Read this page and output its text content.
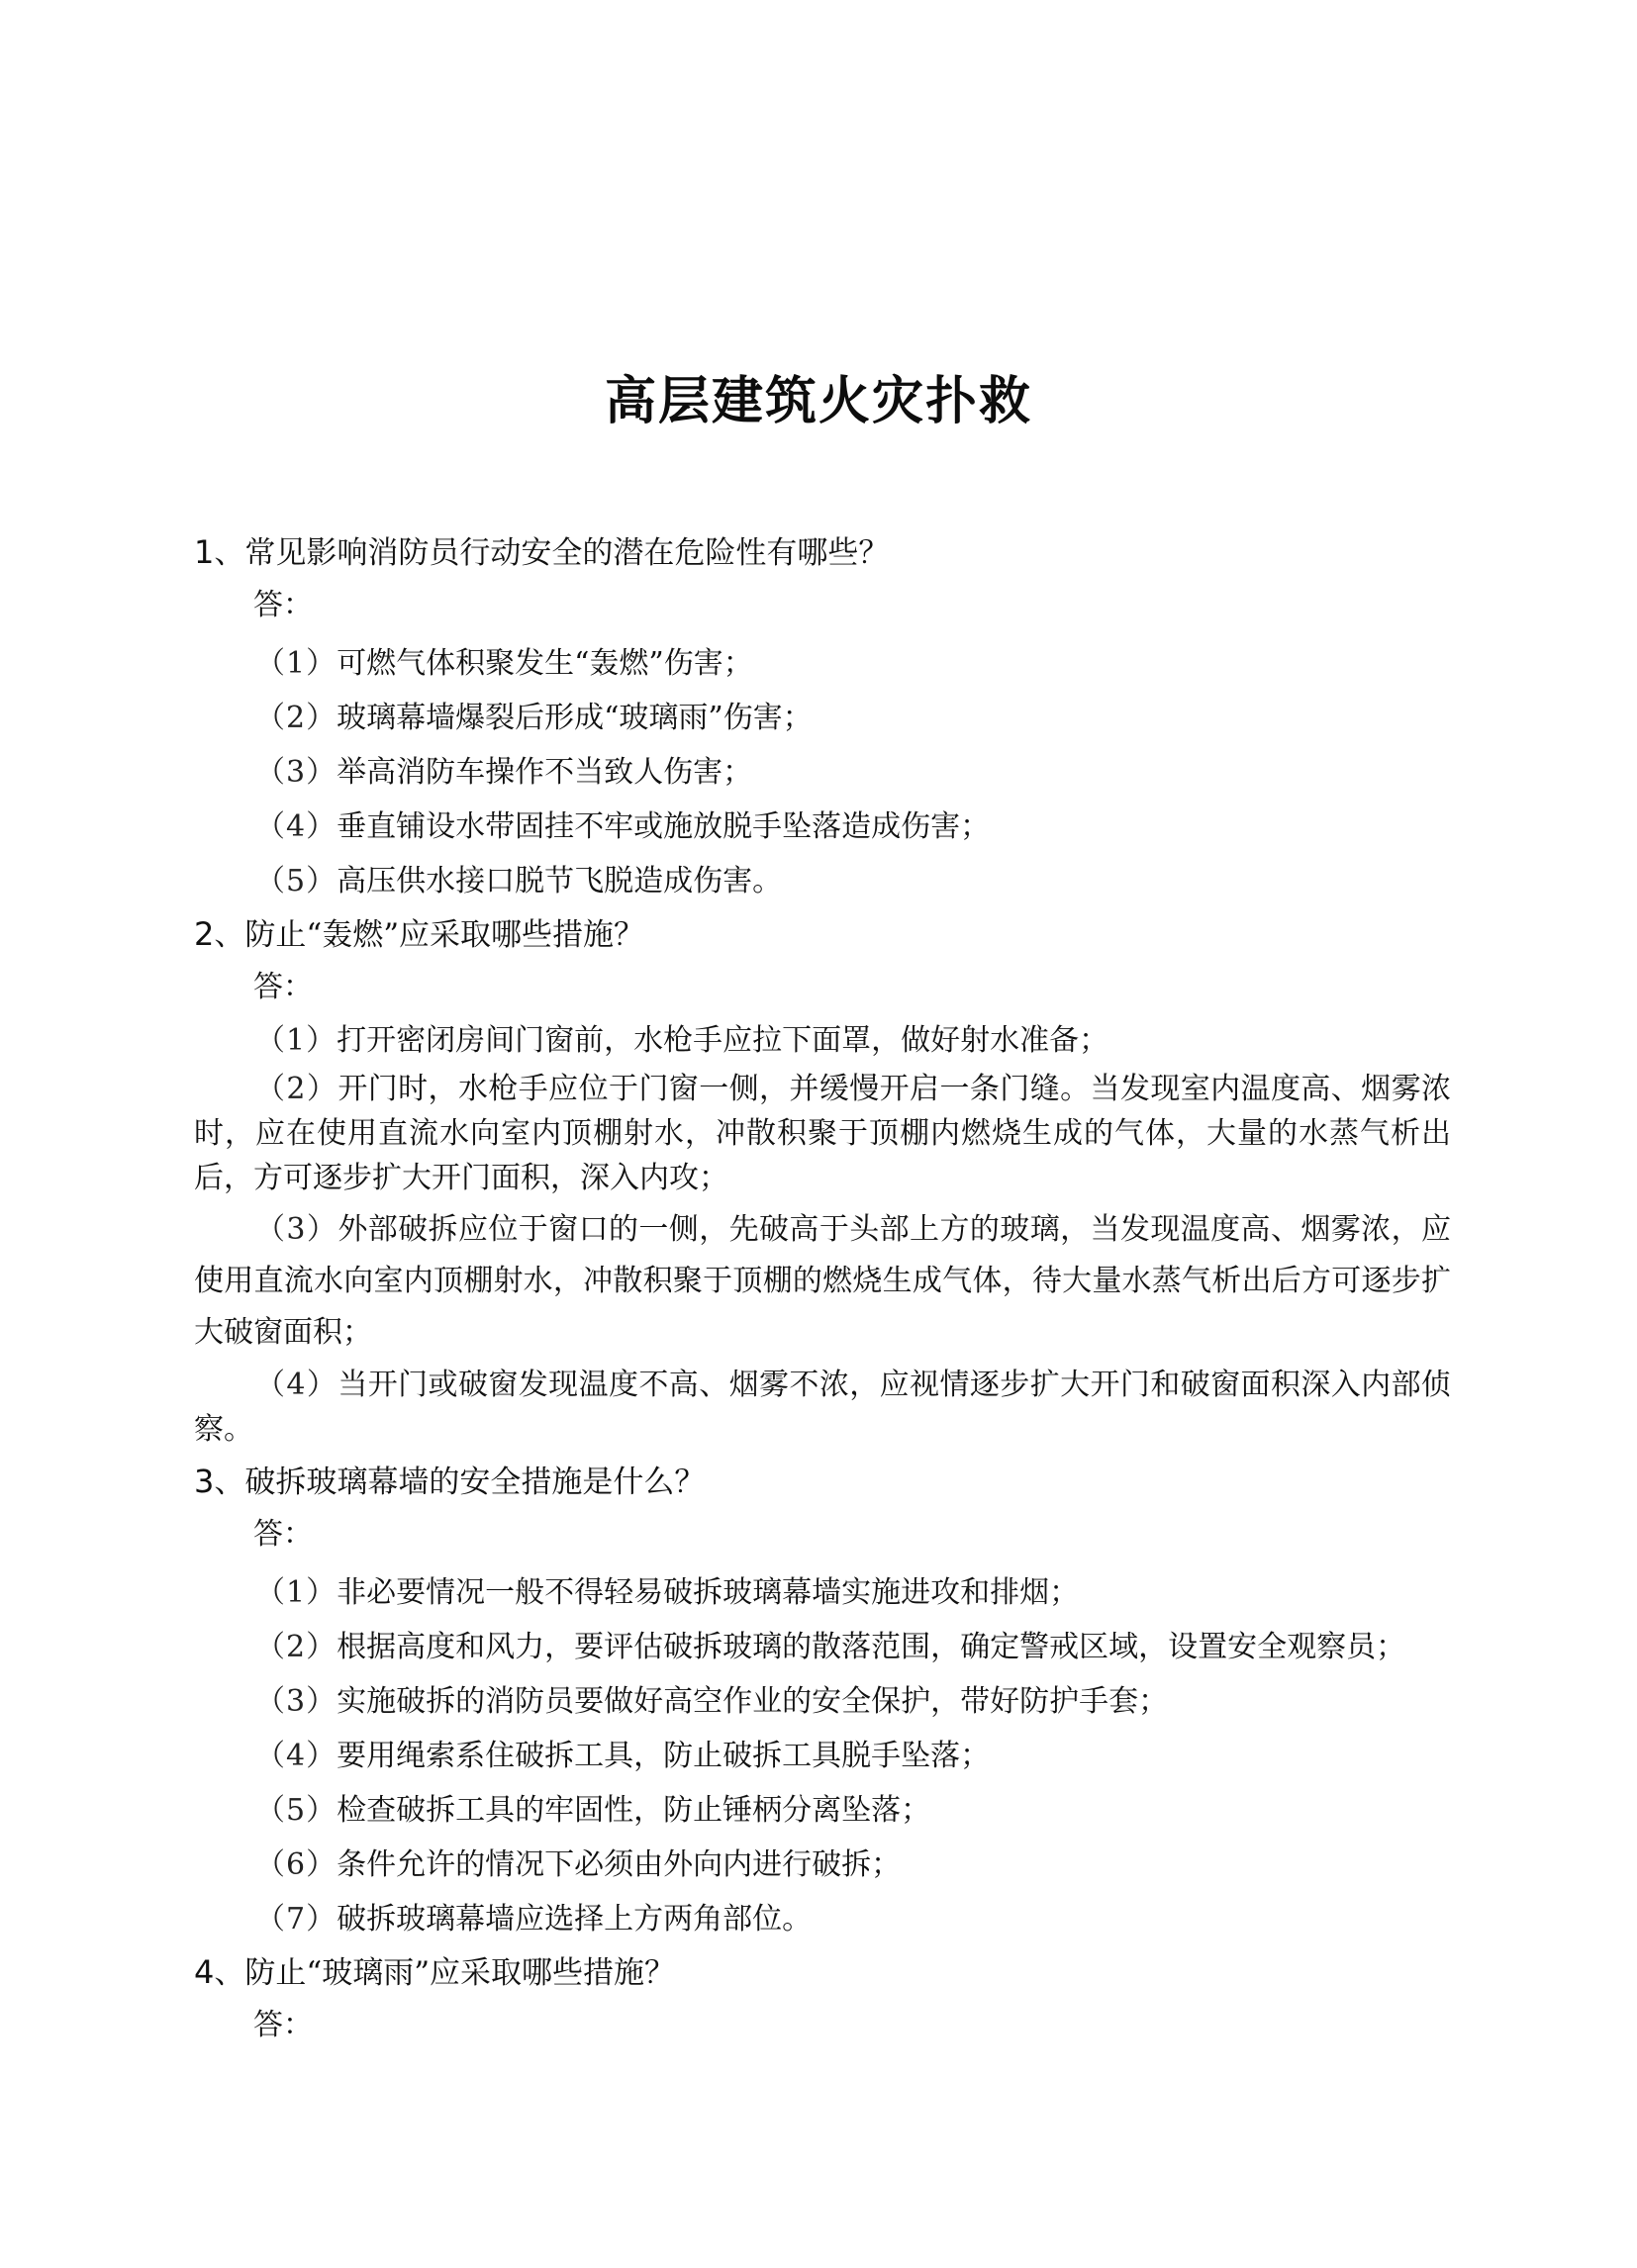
高层建筑火灾扑救
1 、 常见影响消防员行动安全的潜在危险性有哪些？
答：
（1）可燃气体积聚发生“轰燃”伤害；
（2）玻璃幕墙爆裂后形成“玻璃雨”伤害；
（3）举高消防车操作不当致人伤害；
（4）垂直铺设水带固挂不牢或施放脱手坠落造成伤害；
（5）高压供水接口脱节飞脱造成伤害。
2 、 防止“轰燃”应采取哪些措施？
答：
（1）打开密闭房间门窗前，水枪手应拉下面罩，做好射水准备；
（2）开门时，水枪手应位于门窗一侧，并缓慢开启一条门缝。当发现室内温度高、烟雾浓时，应在使用直流水向室内顶棚射水，冲散积聚于顶棚内燃烧生成的气体，大量的水蒸气析出后，方可逐步扩大开门面积，深入内攻；
（3）外部破拆应位于窗口的一侧，先破高于头部上方的玻璃，当发现温度高、烟雾浓，应使用直流水向室内顶棚射水，冲散积聚于顶棚的燃烧生成气体，待大量水蒸气析出后方可逐步扩大破窗面积；
（4）当开门或破窗发现温度不高、烟雾不浓，应视情逐步扩大开门和破窗面积深入内部侦察。
3 、 破拆玻璃幕墙的安全措施是什么？
答：
（1）非必要情况一般不得轻易破拆玻璃幕墙实施进攻和排烟；
（2）根据高度和风力，要评估破拆玻璃的散落范围，确定警戒区域，设置安全观察员；
（3）实施破拆的消防员要做好高空作业的安全保护，带好防护手套；
（4）要用绳索系住破拆工具，防止破拆工具脱手坠落；
（5）检查破拆工具的牢固性，防止锤柄分离坠落；
（6）条件允许的情况下必须由外向内进行破拆；
（7）破拆玻璃幕墙应选择上方两角部位。
4 、 防止“玻璃雨”应采取哪些措施？
答：
